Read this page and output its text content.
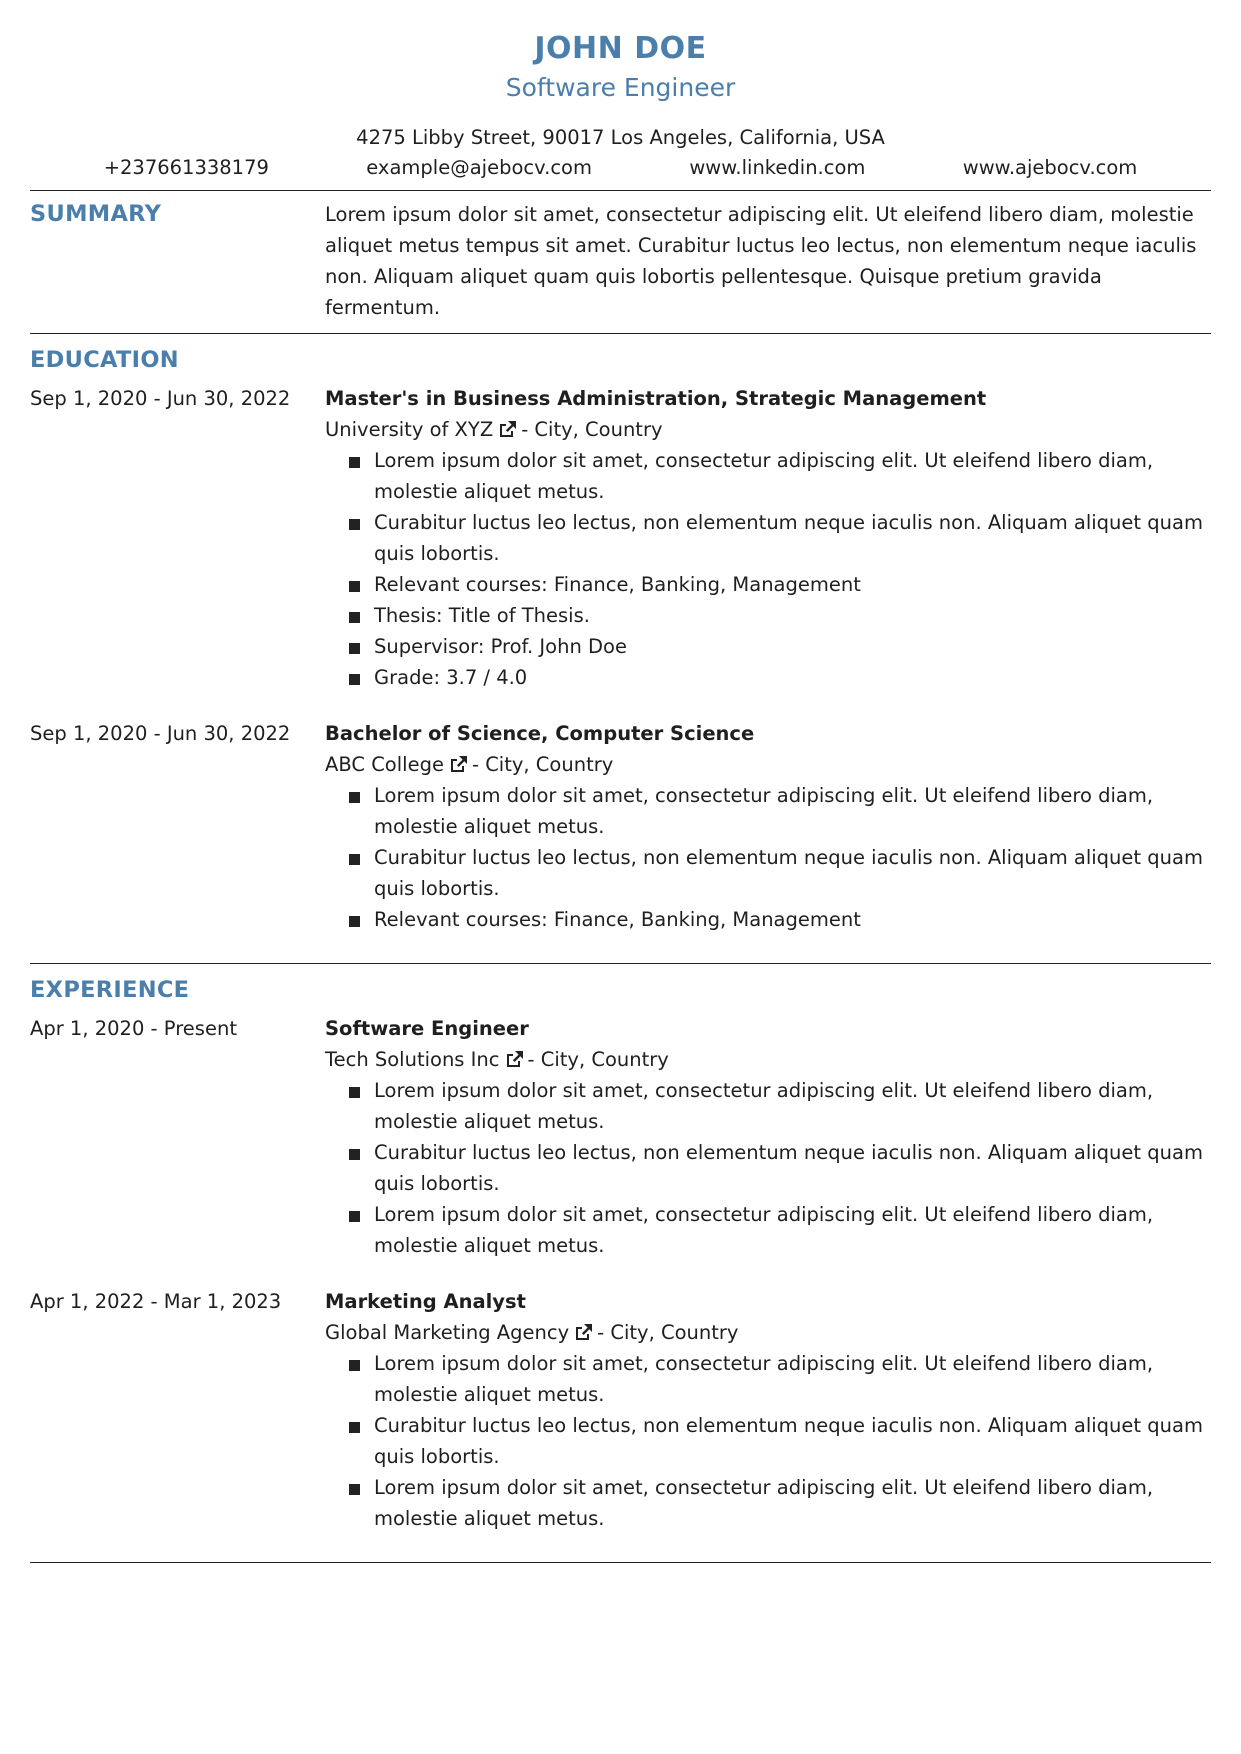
JOHN DOE
Software Engineer
4275 Libby Street, 90017 Los Angeles, California, USA
+237661338179	example@ajebocv.com	www.linkedin.com	www.ajebocv.com
SUMMARY	Lorem ipsum dolor sit amet, consectetur adipiscing elit. Ut eleifend libero diam, molestie aliquet metus tempus sit amet. Curabitur luctus leo lectus, non elementum neque iaculis non. Aliquam aliquet quam quis lobortis pellentesque. Quisque pretium gravida fermentum.
EDUCATION
Sep 1, 2020 - Jun 30, 2022	Master's in Business Administration, Strategic Management
University of XYZ - City, Country
Lorem ipsum dolor sit amet, consectetur adipiscing elit. Ut eleifend libero diam, molestie aliquet metus.
Curabitur luctus leo lectus, non elementum neque iaculis non. Aliquam aliquet quam quis lobortis.
Relevant courses: Finance, Banking, Management
Thesis: Title of Thesis.
Supervisor: Prof. John Doe
Grade: 3.7 / 4.0
Sep 1, 2020 - Jun 30, 2022	Bachelor of Science, Computer Science
ABC College - City, Country
Lorem ipsum dolor sit amet, consectetur adipiscing elit. Ut eleifend libero diam, molestie aliquet metus.
Curabitur luctus leo lectus, non elementum neque iaculis non. Aliquam aliquet quam quis lobortis.
Relevant courses: Finance, Banking, Management
EXPERIENCE
Apr 1, 2020 - Present	Software Engineer
Tech Solutions Inc - City, Country
Lorem ipsum dolor sit amet, consectetur adipiscing elit. Ut eleifend libero diam, molestie aliquet metus.
Curabitur luctus leo lectus, non elementum neque iaculis non. Aliquam aliquet quam quis lobortis.
Lorem ipsum dolor sit amet, consectetur adipiscing elit. Ut eleifend libero diam, molestie aliquet metus.
Apr 1, 2022 - Mar 1, 2023	Marketing Analyst
Global Marketing Agency - City, Country
Lorem ipsum dolor sit amet, consectetur adipiscing elit. Ut eleifend libero diam, molestie aliquet metus.
Curabitur luctus leo lectus, non elementum neque iaculis non. Aliquam aliquet quam quis lobortis.
Lorem ipsum dolor sit amet, consectetur adipiscing elit. Ut eleifend libero diam, molestie aliquet metus.
